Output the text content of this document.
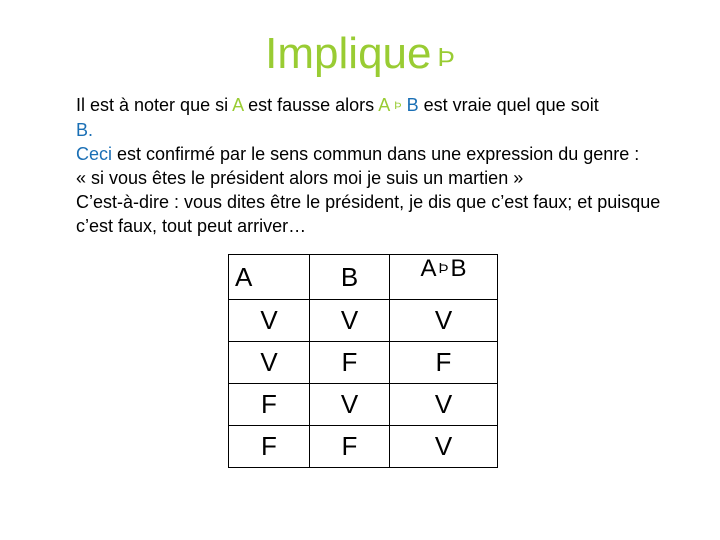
Implique Þ

Il est à noter que si A est fausse alors A Þ B est vraie quel que soit

B.

Ceci est confirmé par le sens commun dans une expression du genre :

« si vous êtes le président alors moi je suis un martien »

C’est-à-dire : vous dites être le président, je dis que c’est faux; et puisque c’est faux, tout peut arriver…

A	B	A ÞB
V	V	V
V	F	F
F	V	V
F	F	V
